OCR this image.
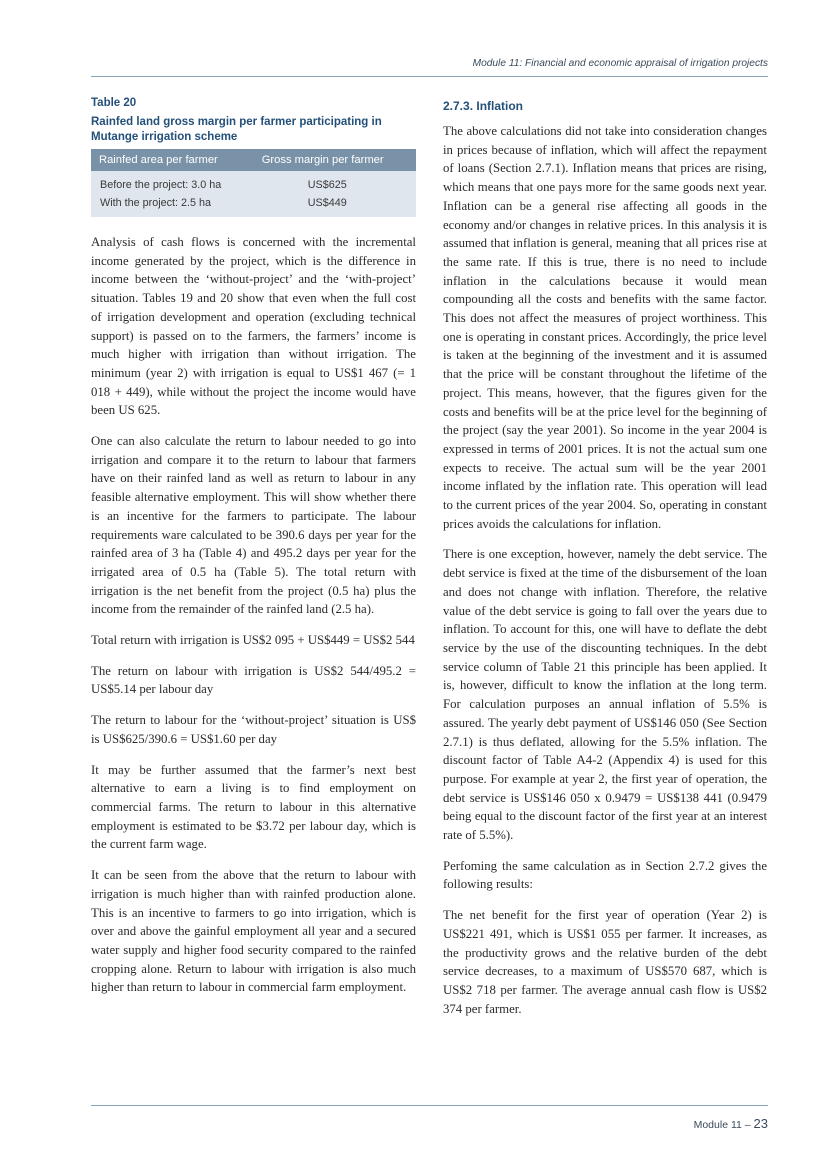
Module 11: Financial and economic appraisal of irrigation projects
Table 20
Rainfed land gross margin per farmer participating in Mutange irrigation scheme
Rainfed area per farmer	Gross margin per farmer

Before the project: 3.0 ha	US$625
With the project: 2.5 ha	US$449

Analysis of cash flows is concerned with the incremental income generated by the project, which is the difference in income between the ‘without-project’ and the ‘with-project’ situation. Tables 19 and 20 show that even when the full cost of irrigation development and operation (excluding technical support) is passed on to the farmers, the farmers’ income is much higher with irrigation than without irrigation. The minimum (year 2) with irrigation is equal to US$1 467 (= 1 018 + 449), while without the project the income would have been US 625.

One can also calculate the return to labour needed to go into irrigation and compare it to the return to labour that farmers have on their rainfed land as well as return to labour in any feasible alternative employment. This will show whether there is an incentive for the farmers to participate. The labour requirements ware calculated to be 390.6 days per year for the rainfed area of 3 ha (Table 4) and 495.2 days per year for the irrigated area of 0.5 ha (Table 5). The total return with irrigation is the net benefit from the project (0.5 ha) plus the income from the remainder of the rainfed land (2.5 ha).

Total return with irrigation is US$2 095 + US$449 = US$2 544

The return on labour with irrigation is US$2 544/495.2 = US$5.14 per labour day

The return to labour for the ‘without-project’ situation is US$ is US$625/390.6 = US$1.60 per day

It may be further assumed that the farmer’s next best alternative to earn a living is to find employment on commercial farms. The return to labour in this alternative employment is estimated to be $3.72 per labour day, which is the current farm wage.

It can be seen from the above that the return to labour with irrigation is much higher than with rainfed production alone. This is an incentive to farmers to go into irrigation, which is over and above the gainful employment all year and a secured water supply and higher food security compared to the rainfed cropping alone. Return to labour with irrigation is also much higher than return to labour in commercial farm employment.

2.7.3. Inflation

The above calculations did not take into consideration changes in prices because of inflation, which will affect the repayment of loans (Section 2.7.1). Inflation means that prices are rising, which means that one pays more for the same goods next year. Inflation can be a general rise affecting all goods in the economy and/or changes in relative prices. In this analysis it is assumed that inflation is general, meaning that all prices rise at the same rate. If this is true, there is no need to include inflation in the calculations because it would mean compounding all the costs and benefits with the same factor. This does not affect the measures of project worthiness. This one is operating in constant prices. Accordingly, the price level is taken at the beginning of the investment and it is assumed that the price will be constant throughout the lifetime of the project. This means, however, that the figures given for the costs and benefits will be at the price level for the beginning of the project (say the year 2001). So income in the year 2004 is expressed in terms of 2001 prices. It is not the actual sum one expects to receive. The actual sum will be the year 2001 income inflated by the inflation rate. This operation will lead to the current prices of the year 2004. So, operating in constant prices avoids the calculations for inflation.

There is one exception, however, namely the debt service. The debt service is fixed at the time of the disbursement of the loan and does not change with inflation. Therefore, the relative value of the debt service is going to fall over the years due to inflation. To account for this, one will have to deflate the debt service by the use of the discounting techniques. In the debt service column of Table 21 this principle has been applied. It is, however, difficult to know the inflation at the long term. For calculation purposes an annual inflation of 5.5% is assured. The yearly debt payment of US$146 050 (See Section 2.7.1) is thus deflated, allowing for the 5.5% inflation. The discount factor of Table A4-2 (Appendix 4) is used for this purpose. For example at year 2, the first year of operation, the debt service is US$146 050 x 0.9479 = US$138 441 (0.9479 being equal to the discount factor of the first year at an interest rate of 5.5%).

Perfoming the same calculation as in Section 2.7.2 gives the following results:

The net benefit for the first year of operation (Year 2) is US$221 491, which is US$1 055 per farmer. It increases, as the productivity grows and the relative burden of the debt service decreases, to a maximum of US$570 687, which is US$2 718 per farmer. The average annual cash flow is US$2 374 per farmer.

Module 11 – 23
